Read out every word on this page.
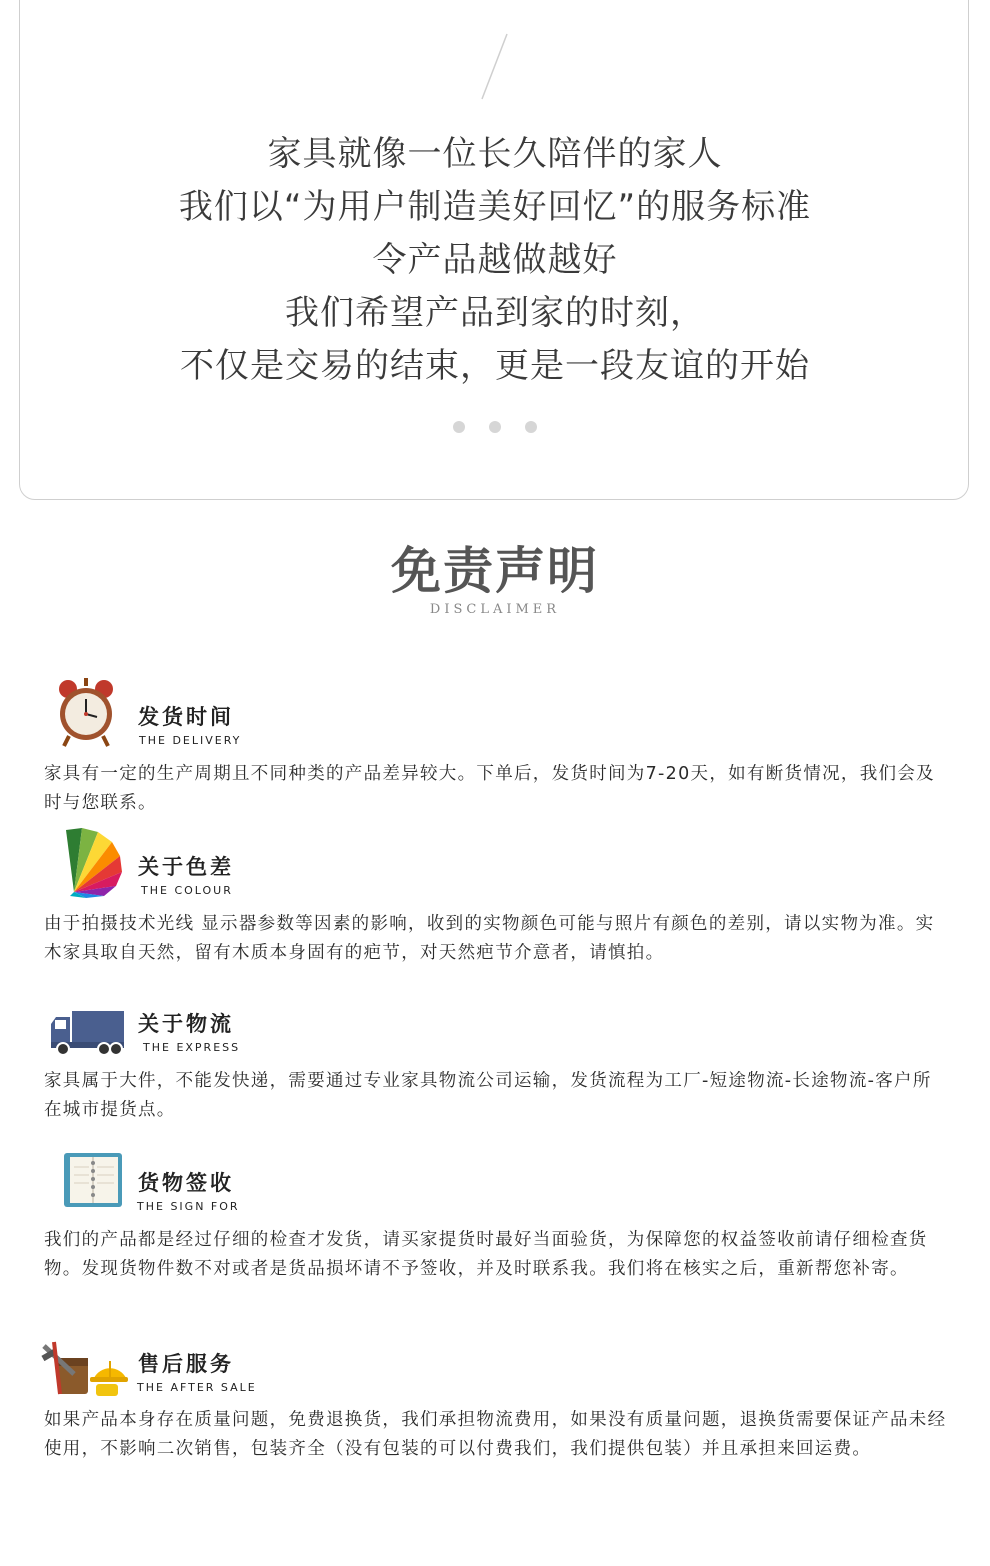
家具就像一位长久陪伴的家人
我们以“为用户制造美好回忆”的服务标准
令产品越做越好
我们希望产品到家的时刻，
不仅是交易的结束，更是一段友谊的开始

免责声明
DISCLAIMER
发货时间
THE DELIVERY
家具有一定的生产周期且不同种类的产品差异较大。下单后，发货时间为7-20天，如有断货情况，我们会及时与您联系。
关于色差
THE COLOUR
由于拍摄技术光线 显示器参数等因素的影响，收到的实物颜色可能与照片有颜色的差别，请以实物为准。实木家具取自天然，留有木质本身固有的疤节，对天然疤节介意者，请慎拍。
关于物流
THE EXPRESS
家具属于大件，不能发快递，需要通过专业家具物流公司运输，发货流程为工厂-短途物流-长途物流-客户所在城市提货点。
货物签收
THE SIGN FOR
我们的产品都是经过仔细的检查才发货，请买家提货时最好当面验货，为保障您的权益签收前请仔细检查货物。发现货物件数不对或者是货品损坏请不予签收，并及时联系我。我们将在核实之后，重新帮您补寄。
售后服务
THE AFTER SALE
如果产品本身存在质量问题，免费退换货，我们承担物流费用，如果没有质量问题，退换货需要保证产品未经使用，不影响二次销售，包装齐全（没有包装的可以付费我们，我们提供包装）并且承担来回运费。
